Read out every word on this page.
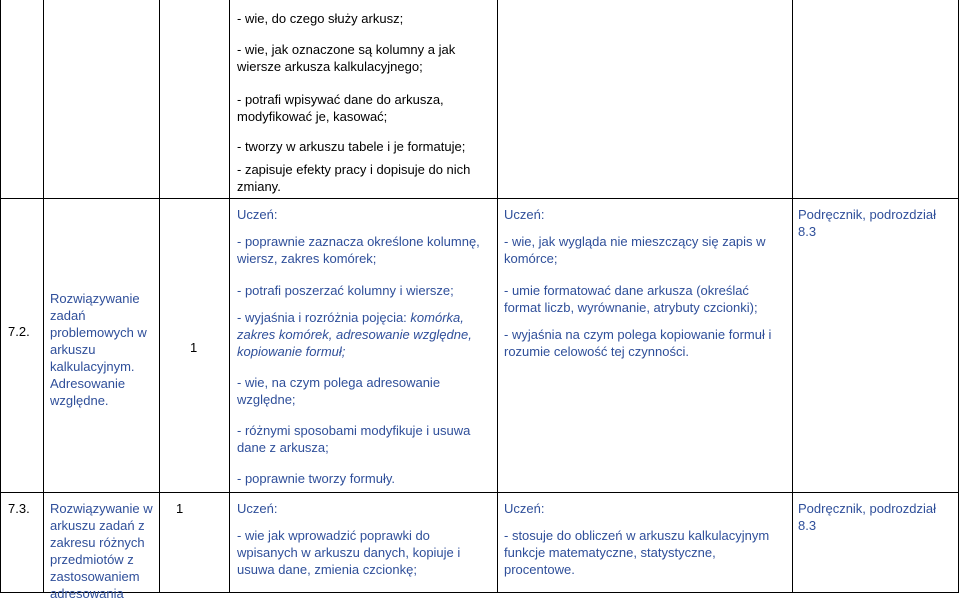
- wie, do czego służy arkusz;

- wie, jak oznaczone są kolumny a jak wiersze arkusza kalkulacyjnego;

- potrafi wpisywać dane do arkusza, modyfikować je, kasować;

- tworzy w arkuszu tabele i je formatuje;

- zapisuje efekty pracy i dopisuje do nich zmiany.

Uczeń:

- poprawnie zaznacza określone kolumnę, wiersz, zakres komórek;

Uczeń:

- wie, jak wygląda nie mieszczący się zapis w komórce;

Podręcznik, podrozdział 8.3
7.2.
Rozwiązywanie zadań problemowych w arkuszu kalkulacyjnym. Adresowanie względne.
1

- potrafi poszerzać kolumny i wiersze;

- wyjaśnia i rozróżnia pojęcia: komórka, zakres komórek, adresowanie względne, kopiowanie formuł;

- wie, na czym polega adresowanie względne;

- różnymi sposobami modyfikuje i usuwa dane z arkusza;

- poprawnie tworzy formuły.

- umie formatować dane arkusza (określać format liczb, wyrównanie, atrybuty czcionki);

- wyjaśnia na czym polega kopiowanie formuł i rozumie celowość tej czynności.

7.3.	Rozwiązywanie w arkuszu zadań z zakresu różnych przedmiotów z zastosowaniem adresowania
1	Uczeń:

- wie jak wprowadzić poprawki do wpisanych w arkuszu danych, kopiuje i usuwa dane, zmienia czcionkę;

Uczeń:

- stosuje do obliczeń w arkuszu kalkulacyjnym funkcje matematyczne, statystyczne, procentowe.

Podręcznik, podrozdział 8.3
